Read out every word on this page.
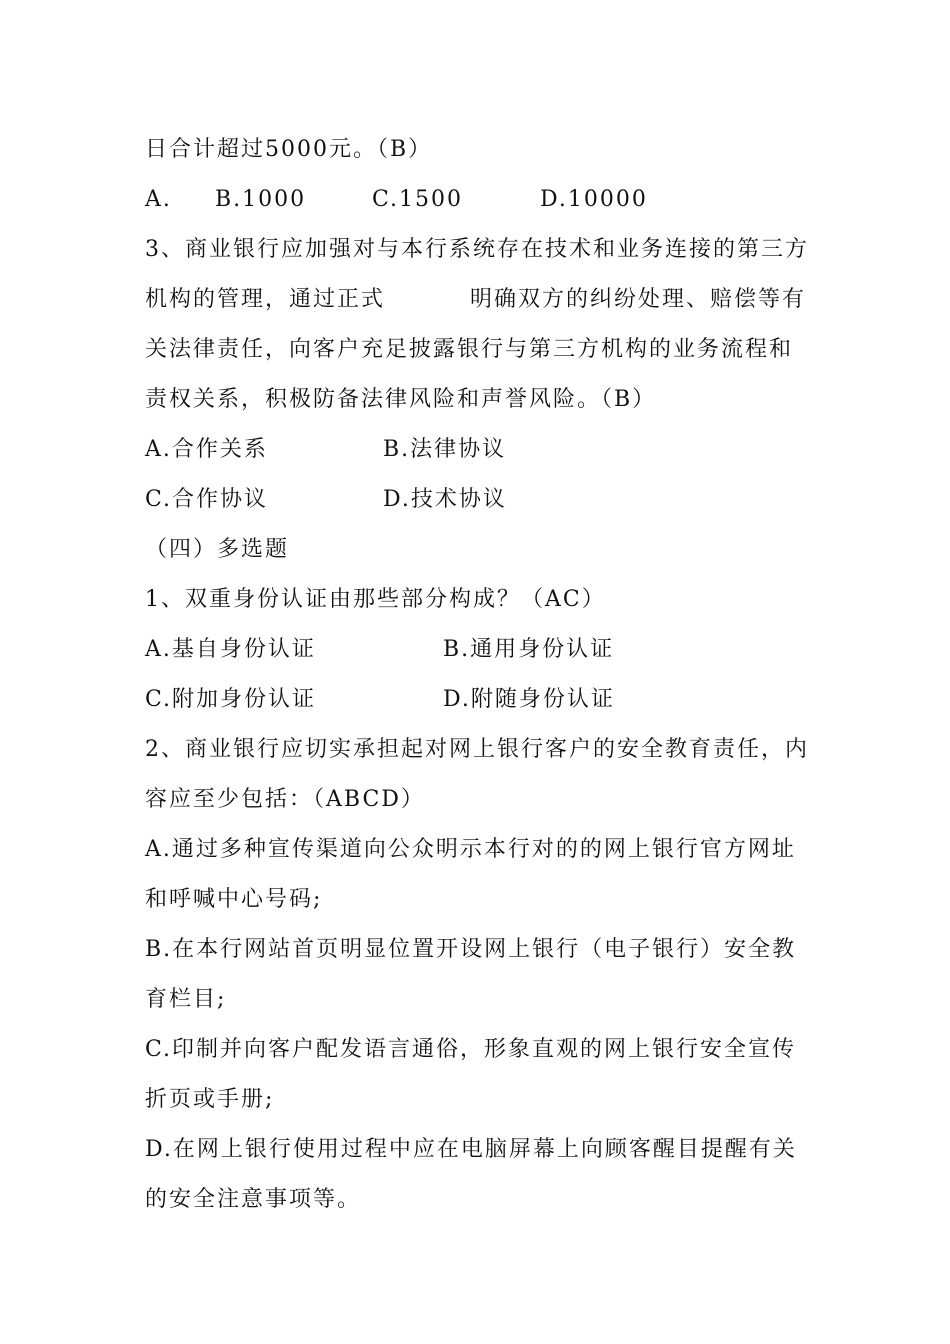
日合计超过5000元。（B）
A. B.1000	C.1500	D.10000
3、商业银行应加强对与本行系统存在技术和业务连接的第三方
机构的管理，通过正式	明确双方的纠纷处理、赔偿等有
关法律责任，向客户充足披露银行与第三方机构的业务流程和
责权关系，积极防备法律风险和声誉风险。（B）
A.合作关系	B.法律协议
C.合作协议	D.技术协议
（四）多选题
1、双重身份认证由那些部分构成？（AC）
A.基自身份认证	B.通用身份认证
C.附加身份认证	D.附随身份认证
2、商业银行应切实承担起对网上银行客户的安全教育责任，内
容应至少包括：（ABCD）
A.通过多种宣传渠道向公众明示本行对的的网上银行官方网址
和呼喊中心号码;
B.在本行网站首页明显位置开设网上银行（电子银行）安全教
育栏目;
C.印制并向客户配发语言通俗，形象直观的网上银行安全宣传
折页或手册;
D.在网上银行使用过程中应在电脑屏幕上向顾客醒目提醒有关
的安全注意事项等。
